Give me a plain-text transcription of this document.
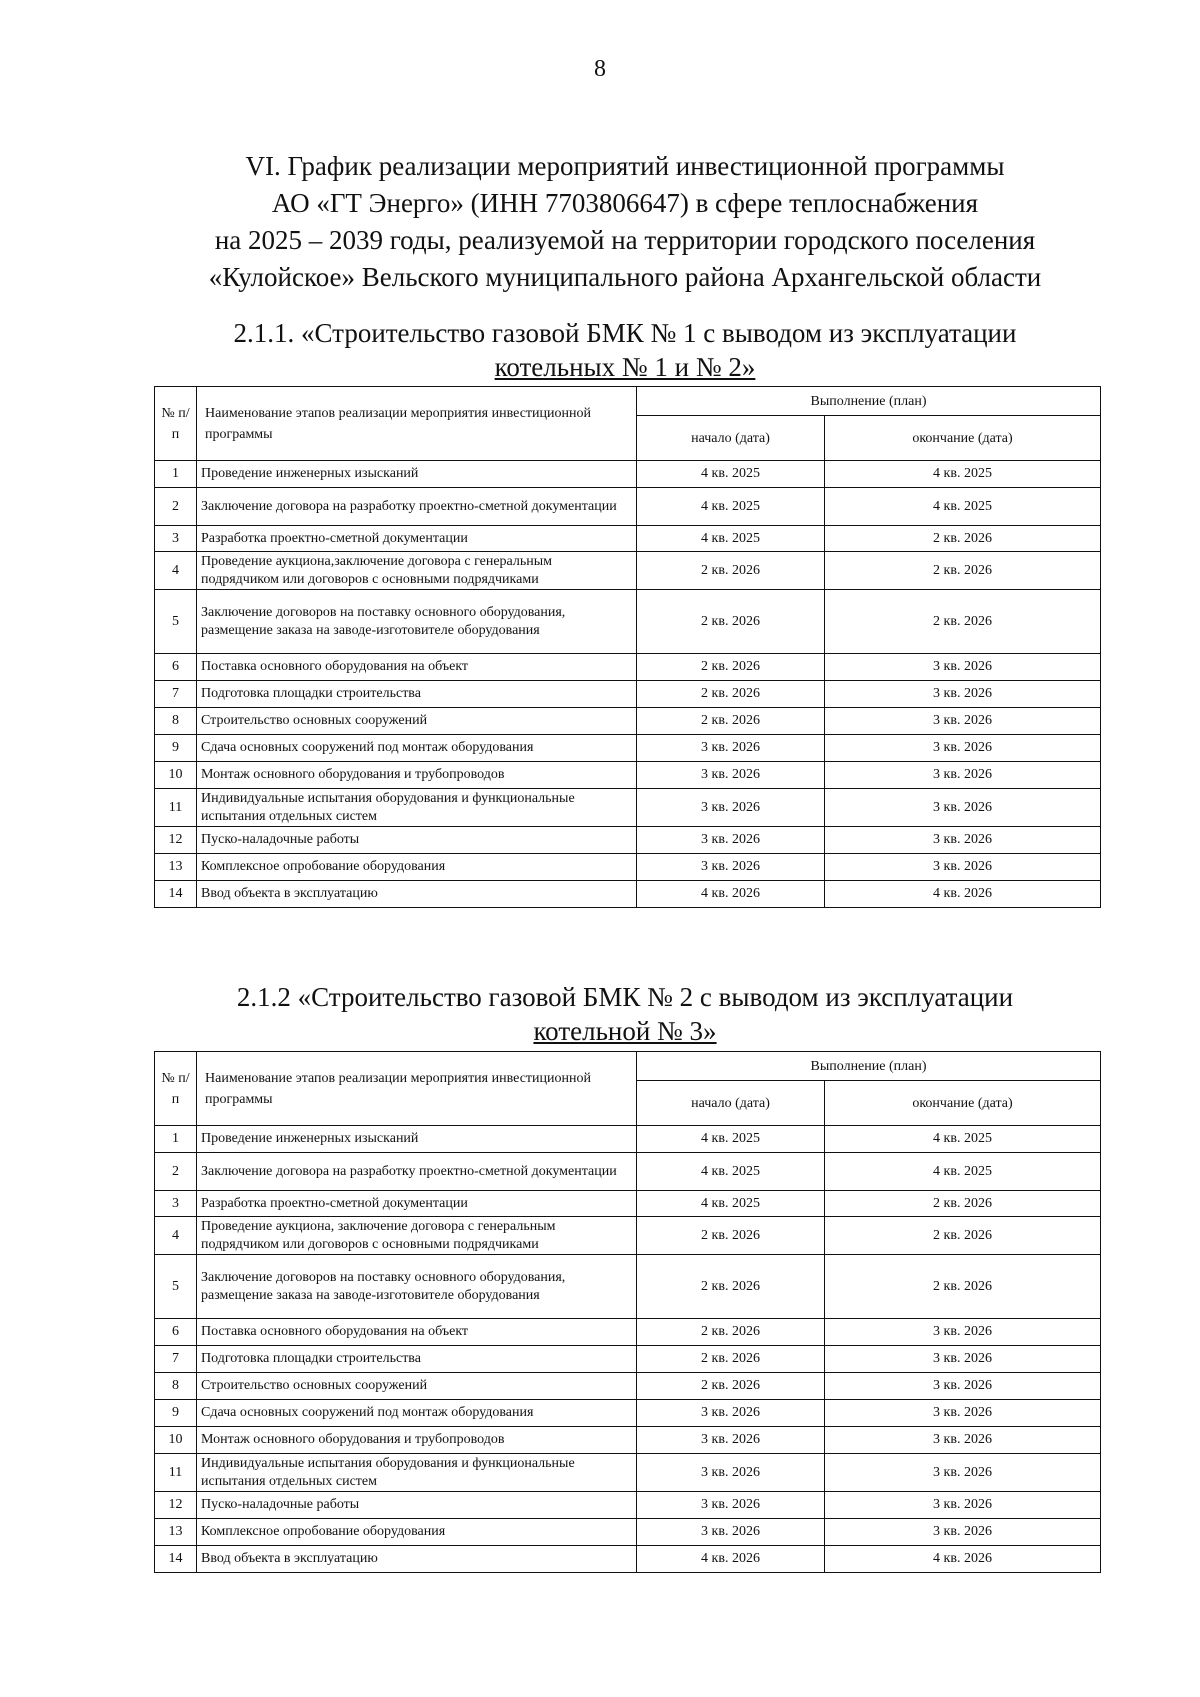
8
VI. График реализации мероприятий инвестиционной программы
АО «ГТ Энерго» (ИНН 7703806647) в сфере теплоснабжения
на 2025 – 2039 годы, реализуемой на территории городского поселения
«Кулойское» Вельского муниципального района Архангельской области
2.1.1. «Строительство газовой БМК № 1 с выводом из эксплуатации
котельных № 1 и № 2»
№ п/п	Наименование этапов реализации мероприятия инвестиционной программы	Выполнение (план)	
		начало (дата)	окончание (дата)
1	Проведение инженерных изысканий	4 кв. 2025	4 кв. 2025
2	Заключение договора на разработку проектно-сметной документации	4 кв. 2025	4 кв. 2025
3	Разработка проектно-сметной документации	4 кв. 2025	2 кв. 2026
4	Проведение аукциона,заключение договора с генеральным подрядчиком или договоров с основными подрядчиками	2 кв. 2026	2 кв. 2026
5	Заключение договоров на поставку основного оборудования, размещение заказа на заводе-изготовителе оборудования	2 кв. 2026	2 кв. 2026
6	Поставка основного оборудования на объект	2 кв. 2026	3 кв. 2026
7	Подготовка площадки строительства	2 кв. 2026	3 кв. 2026
8	Строительство основных сооружений	2 кв. 2026	3 кв. 2026
9	Сдача основных сооружений под монтаж оборудования	3 кв. 2026	3 кв. 2026
10	Монтаж основного оборудования и трубопроводов	3 кв. 2026	3 кв. 2026
11	Индивидуальные испытания оборудования и функциональные испытания отдельных систем	3 кв. 2026	3 кв. 2026
12	Пуско-наладочные работы	3 кв. 2026	3 кв. 2026
13	Комплексное опробование оборудования	3 кв. 2026	3 кв. 2026
14	Ввод объекта в эксплуатацию	4 кв. 2026	4 кв. 2026
2.1.2 «Строительство газовой БМК № 2 с выводом из эксплуатации
котельной № 3»
№ п/п	Наименование этапов реализации мероприятия инвестиционной программы	Выполнение (план)	
		начало (дата)	окончание (дата)
1	Проведение инженерных изысканий	4 кв. 2025	4 кв. 2025
2	Заключение договора на разработку проектно-сметной документации	4 кв. 2025	4 кв. 2025
3	Разработка проектно-сметной документации	4 кв. 2025	2 кв. 2026
4	Проведение аукциона, заключение договора с генеральным подрядчиком или договоров с основными подрядчиками	2 кв. 2026	2 кв. 2026
5	Заключение договоров на поставку основного оборудования, размещение заказа на заводе-изготовителе оборудования	2 кв. 2026	2 кв. 2026
6	Поставка основного оборудования на объект	2 кв. 2026	3 кв. 2026
7	Подготовка площадки строительства	2 кв. 2026	3 кв. 2026
8	Строительство основных сооружений	2 кв. 2026	3 кв. 2026
9	Сдача основных сооружений под монтаж оборудования	3 кв. 2026	3 кв. 2026
10	Монтаж основного оборудования и трубопроводов	3 кв. 2026	3 кв. 2026
11	Индивидуальные испытания оборудования и функциональные испытания отдельных систем	3 кв. 2026	3 кв. 2026
12	Пуско-наладочные работы	3 кв. 2026	3 кв. 2026
13	Комплексное опробование оборудования	3 кв. 2026	3 кв. 2026
14	Ввод объекта в эксплуатацию	4 кв. 2026	4 кв. 2026
